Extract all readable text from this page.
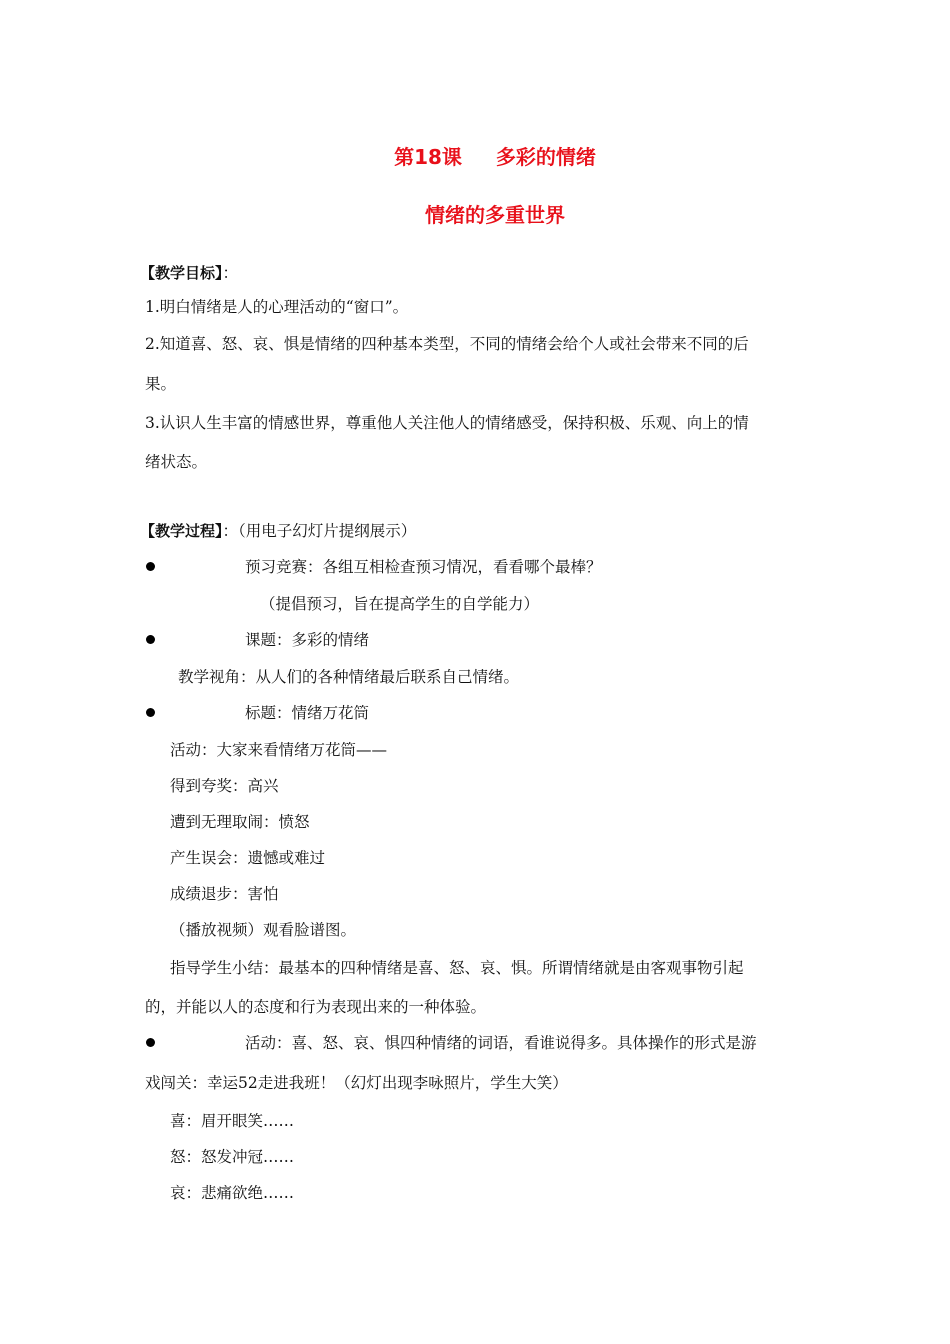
第18课 多彩的情绪
情绪的多重世界
【教学目标】：
1.明白情绪是人的心理活动的“窗口”。
2.知道喜、怒、哀、惧是情绪的四种基本类型，不同的情绪会给个人或社会带来不同的后
果。
3.认识人生丰富的情感世界，尊重他人关注他人的情绪感受，保持积极、乐观、向上的情
绪状态。
【教学过程】：（用电子幻灯片提纲展示）
预习竞赛：各组互相检查预习情况，看看哪个最棒？
（提倡预习，旨在提高学生的自学能力）
课题：多彩的情绪
教学视角：从人们的各种情绪最后联系自己情绪。
标题：情绪万花筒
活动：大家来看情绪万花筒——
得到夸奖：高兴
遭到无理取闹：愤怒
产生误会：遗憾或难过
成绩退步：害怕
（播放视频）观看脸谱图。
指导学生小结：最基本的四种情绪是喜、怒、哀、惧。所谓情绪就是由客观事物引起
的，并能以人的态度和行为表现出来的一种体验。
活动：喜、怒、哀、惧四种情绪的词语，看谁说得多。具体操作的形式是游
戏闯关：幸运52走进我班！（幻灯出现李咏照片，学生大笑）
喜：眉开眼笑……
怒：怒发冲冠……
哀：悲痛欲绝……
